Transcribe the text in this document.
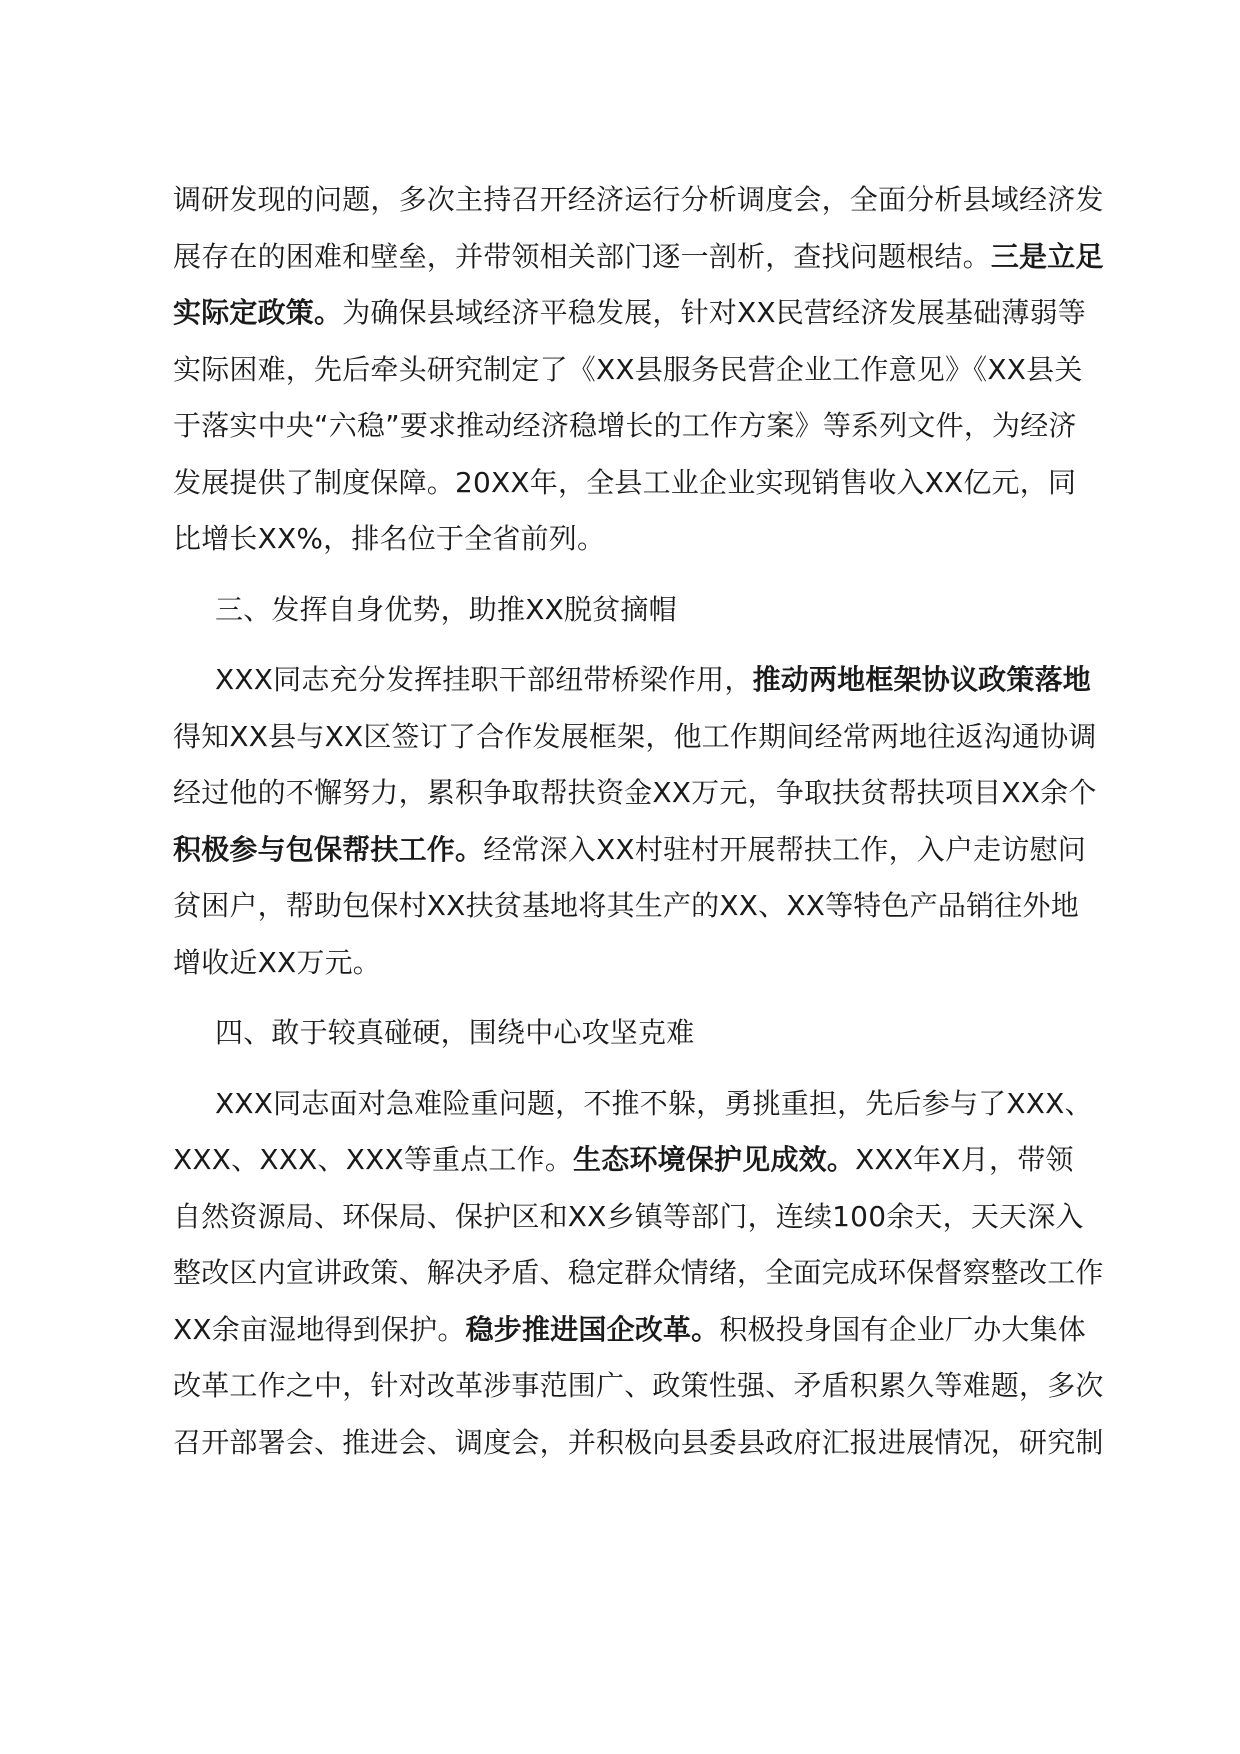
调研发现的问题，多次主持召开经济运行分析调度会，全面分析县域经济发
展存在的困难和壁垒，并带领相关部门逐一剖析，查找问题根结。三是立足
实际定政策。为确保县域经济平稳发展，针对XX民营经济发展基础薄弱等
实际困难，先后牵头研究制定了《XX县服务民营企业工作意见》《XX县关
于落实中央“六稳”要求推动经济稳增长的工作方案》等系列文件，为经济
发展提供了制度保障。20XX年，全县工业企业实现销售收入XX亿元，同
比增长XX%，排名位于全省前列。

三、发挥自身优势，助推XX脱贫摘帽

XXX同志充分发挥挂职干部纽带桥梁作用，推动两地框架协议政策落地
得知XX县与XX区签订了合作发展框架，他工作期间经常两地往返沟通协调
经过他的不懈努力，累积争取帮扶资金XX万元，争取扶贫帮扶项目XX余个
积极参与包保帮扶工作。经常深入XX村驻村开展帮扶工作，入户走访慰问
贫困户，帮助包保村XX扶贫基地将其生产的XX、XX等特色产品销往外地
增收近XX万元。

四、敢于较真碰硬，围绕中心攻坚克难

XXX同志面对急难险重问题，不推不躲，勇挑重担，先后参与了XXX、
XXX、XXX、XXX等重点工作。生态环境保护见成效。XXX年X月，带领
自然资源局、环保局、保护区和XX乡镇等部门，连续100余天，天天深入
整改区内宣讲政策、解决矛盾、稳定群众情绪，全面完成环保督察整改工作
XX余亩湿地得到保护。稳步推进国企改革。积极投身国有企业厂办大集体
改革工作之中，针对改革涉事范围广、政策性强、矛盾积累久等难题，多次
召开部署会、推进会、调度会，并积极向县委县政府汇报进展情况，研究制
